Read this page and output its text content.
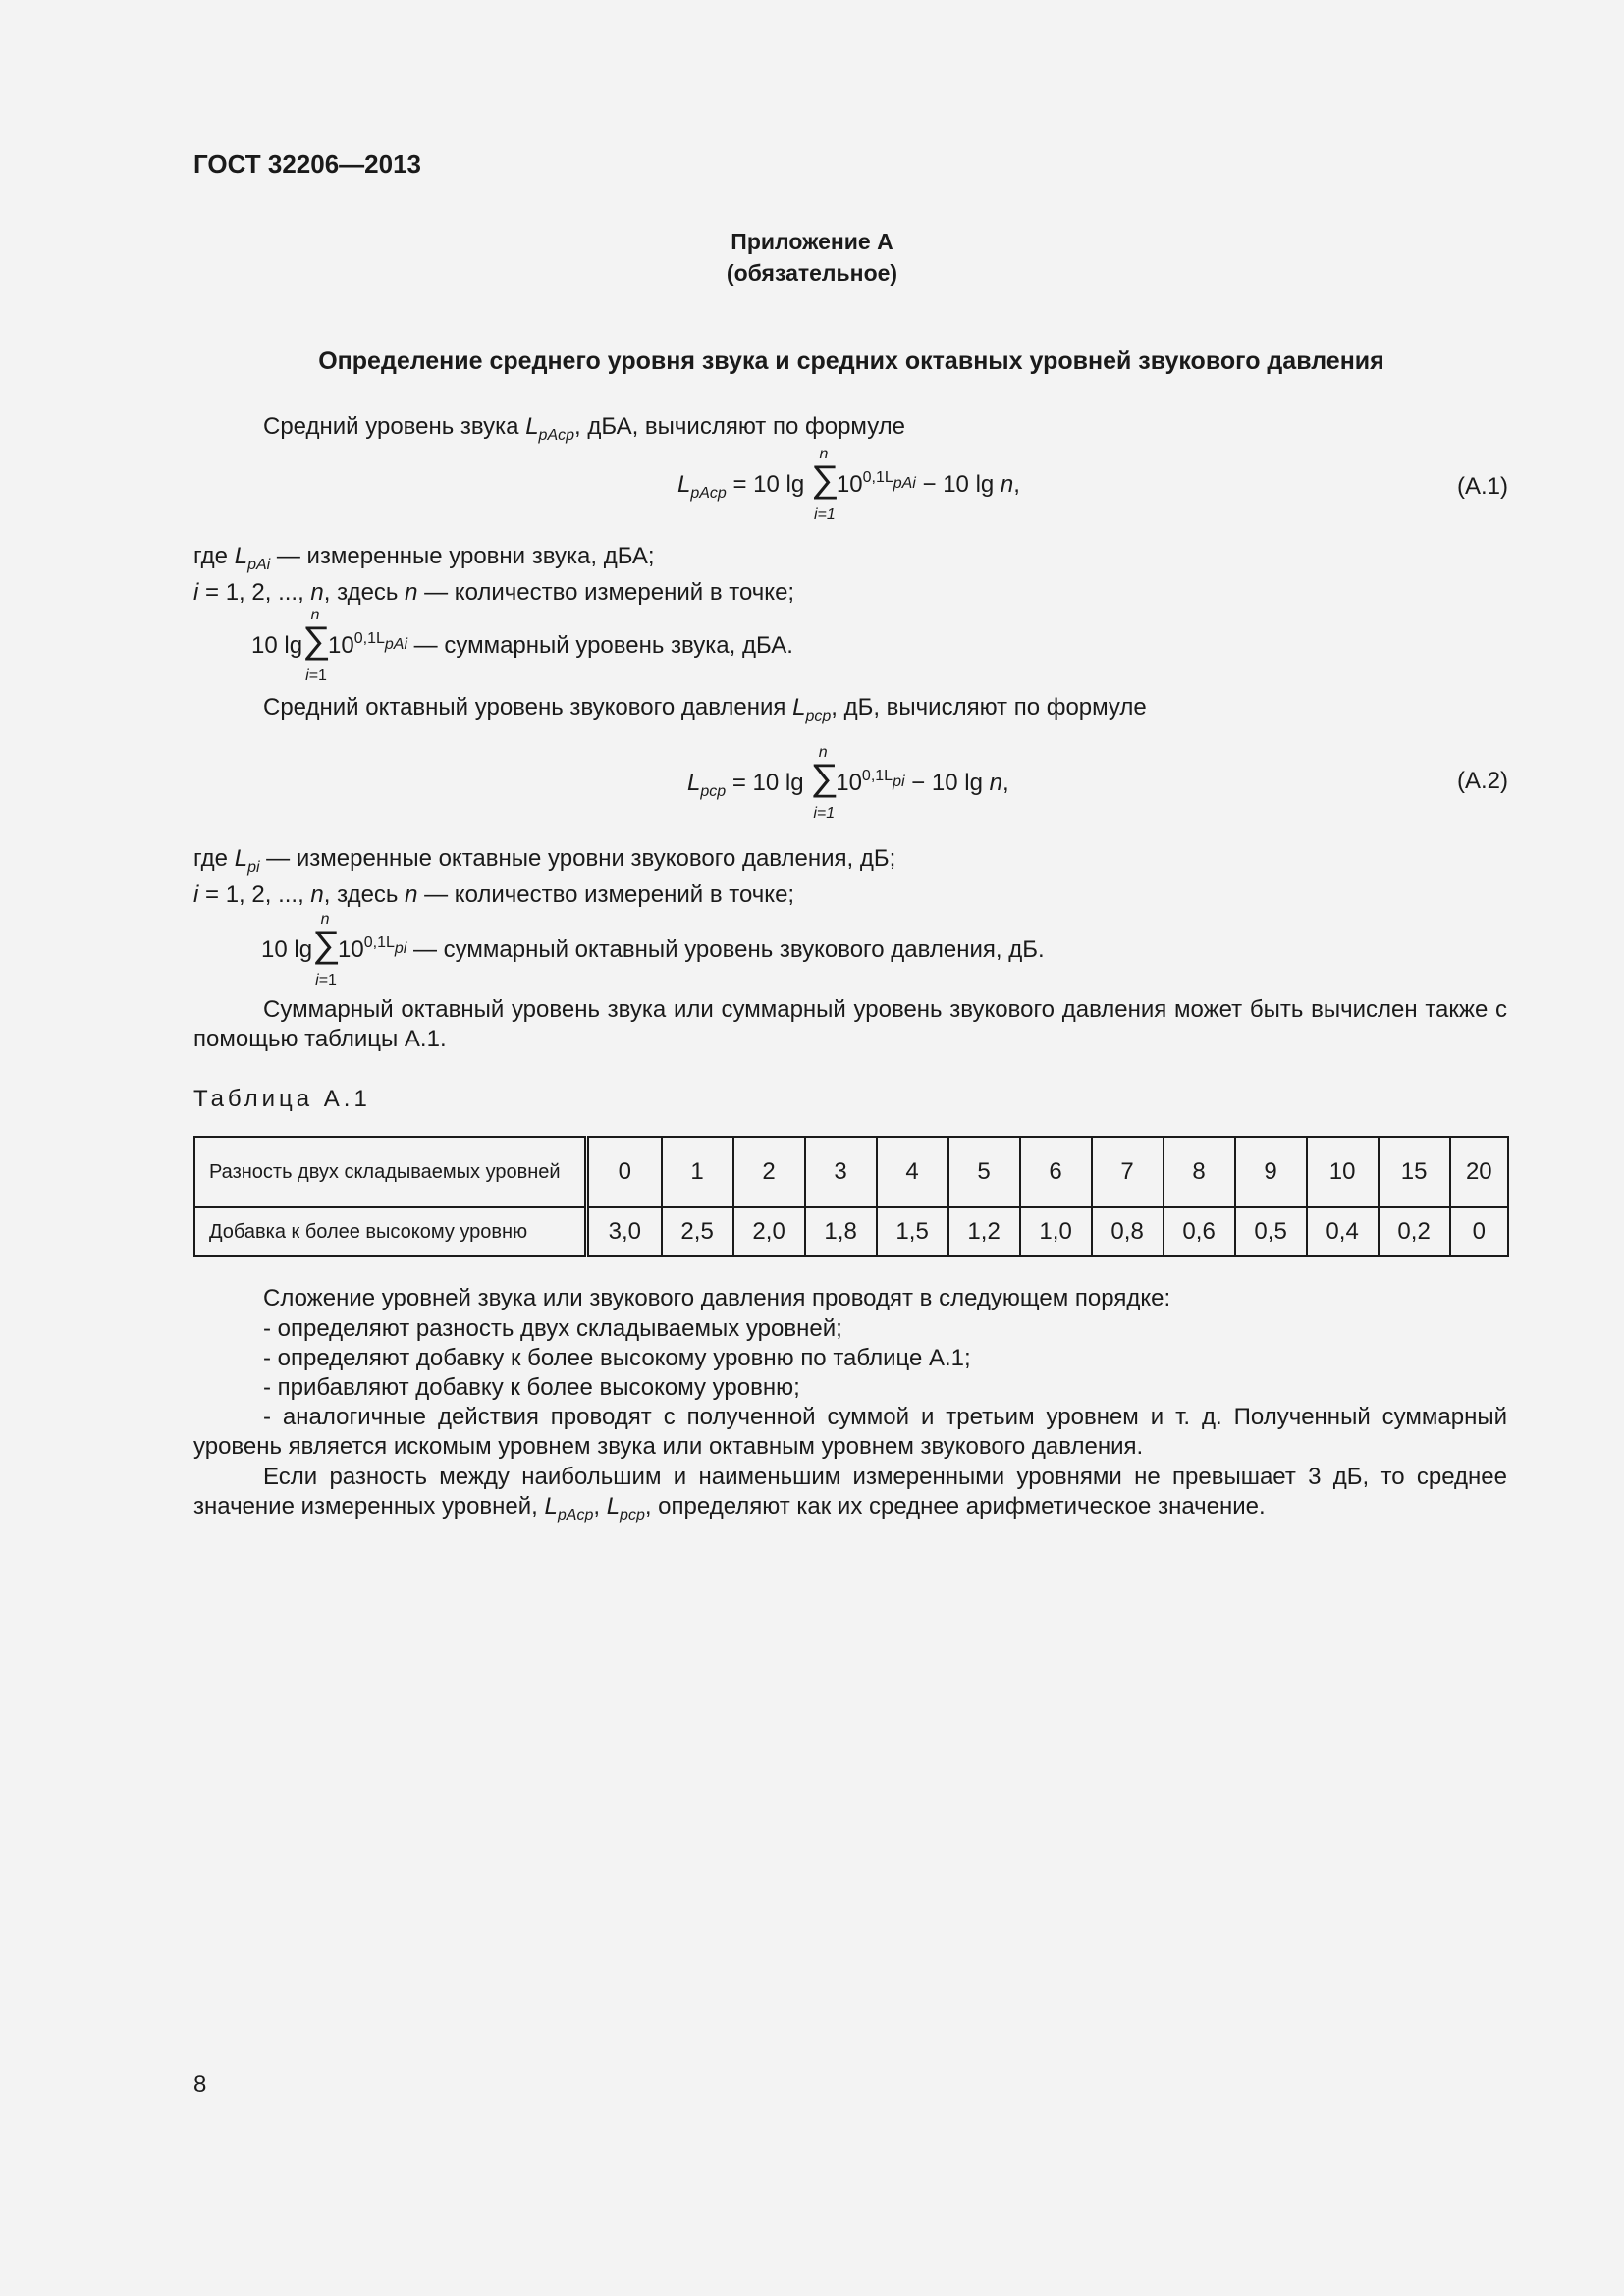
ГОСТ 32206—2013
Приложение А
(обязательное)
Определение среднего уровня звука и средних октавных уровней звукового давления
Средний уровень звука $L_{pAср}$, дБА, вычисляют по формуле
$L_{pAср} = 10$ lg
n
∑
i=1
$10^{0,1L_{pAi}} - 10$ lg n,	(А.1)
где $L_{pAi}$ — измеренные уровни звука, дБА;
i = 1, 2, ..., n, здесь n — количество измерений в точке;
10 lg
n
∑
i=1
$10^{0,1L_{pAi}}$ — суммарный уровень звука, дБА.
Средний октавный уровень звукового давления $L_{pср}$, дБ, вычисляют по формуле
$L_{pср} = 10$ lg
n
∑
i=1
$10^{0,1L_{pi}} - 10$ lg n,	(А.2)
где $L_{pi}$ — измеренные октавные уровни звукового давления, дБ;
i = 1, 2, ..., n, здесь n — количество измерений в точке;
10 lg
n
∑
i=1
$10^{0,1L_{pi}}$ — суммарный октавный уровень звукового давления, дБ.
Суммарный октавный уровень звука или суммарный уровень звукового давления может быть вычислен также с помощью таблицы А.1.
Таблица А.1
Разность двух складываемых уровней	0	1	2	3	4	5	6	7	8	9	10	15	20
Добавка к более высокому уровню	3,0	2,5	2,0	1,8	1,5	1,2	1,0	0,8	0,6	0,5	0,4	0,2	0
Сложение уровней звука или звукового давления проводят в следующем порядке:
- определяют разность двух складываемых уровней;
- определяют добавку к более высокому уровню по таблице А.1;
- прибавляют добавку к более высокому уровню;
- аналогичные действия проводят с полученной суммой и третьим уровнем и т. д. Полученный суммарный уровень является искомым уровнем звука или октавным уровнем звукового давления.
Если разность между наибольшим и наименьшим измеренными уровнями не превышает 3 дБ, то среднее значение измеренных уровней, $L_{pAср}$, $L_{pср}$, определяют как их среднее арифметическое значение.
8
